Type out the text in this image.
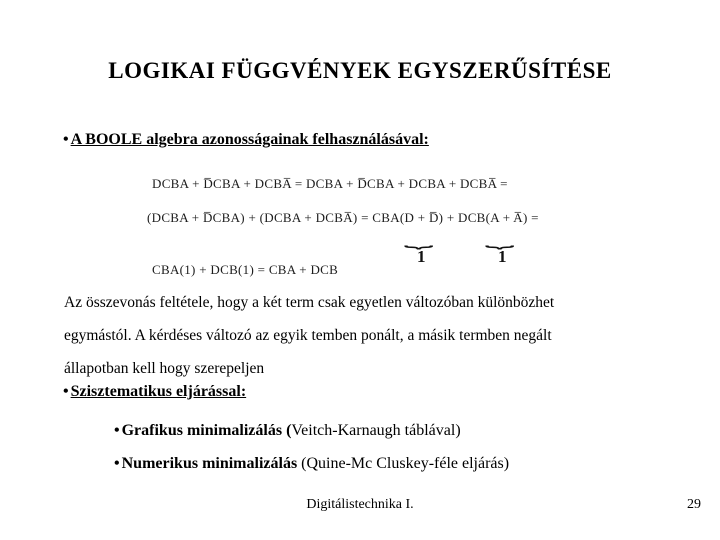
LOGIKAI FÜGGVÉNYEK EGYSZERŰSÍTÉSE
• A BOOLE algebra azonosságainak felhasználásával:
DCBA + D̅CBA + DCBA̅ = DCBA + D̅CBA + DCBA + DCBA̅ =
(DCBA + D̅CBA) + (DCBA + DCBA̅) = CBA(D + D̅) + DCB(A + A̅) =
⏟	⏟
1	1
CBA(1) + DCB(1) = CBA + DCB
Az összevonás feltétele, hogy a két term csak egyetlen változóban különbözhet
egymástól. A kérdéses változó az egyik temben ponált, a másik termben negált
állapotban kell hogy szerepeljen
• Szisztematikus eljárással:
• Grafikus minimalizálás (Veitch-Karnaugh táblával)
• Numerikus minimalizálás (Quine-Mc Cluskey-féle eljárás)
Digitálistechnika I.	29
